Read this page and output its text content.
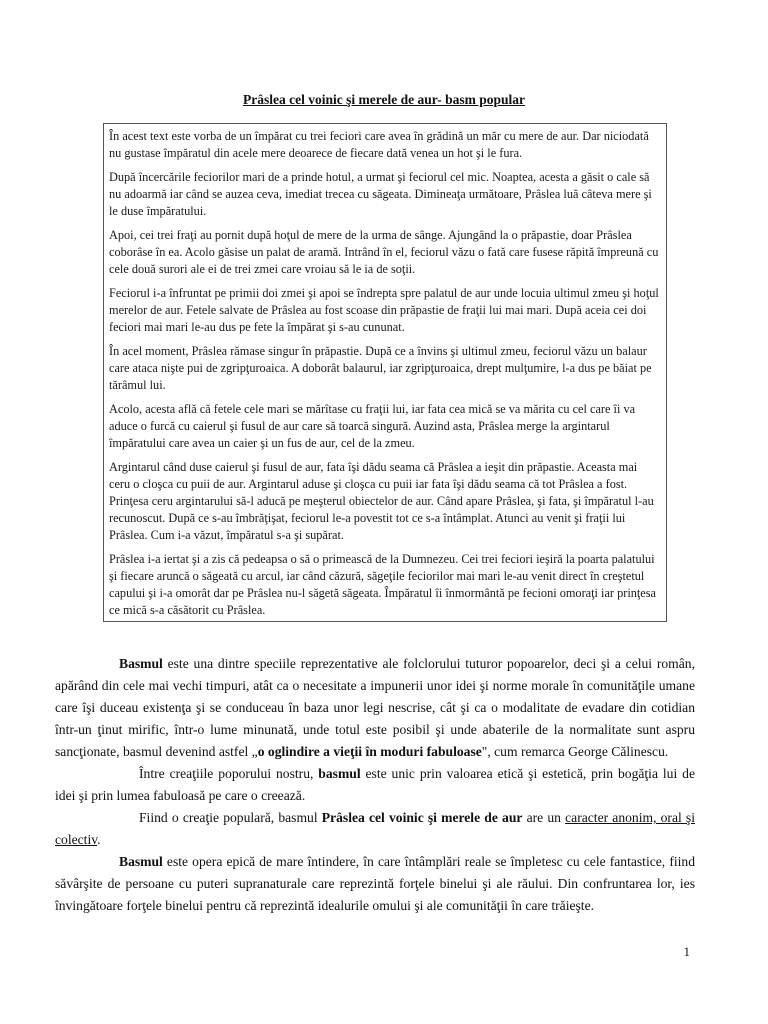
Prâslea cel voinic şi merele de aur- basm popular

În acest text este vorba de un împărat cu trei feciori care avea în grădină un măr cu mere de aur. Dar niciodată nu gustase împăratul din acele mere deoarece de fiecare dată venea un hot şi le fura.

După încercările feciorilor mari de a prinde hotul, a urmat şi feciorul cel mic. Noaptea, acesta a găsit o cale să nu adoarmă iar când se auzea ceva, imediat trecea cu săgeata. Dimineaţa următoare, Prâslea luă câteva mere şi le duse împăratului.

Apoi, cei trei fraţi au pornit după hoţul de mere de la urma de sânge. Ajungând la o prăpastie, doar Prâslea coborâse în ea. Acolo găsise un palat de aramă. Intrând în el, feciorul văzu o fată care fusese răpită împreună cu cele două surori ale ei de trei zmei care vroiau să le ia de soţii.

Feciorul i-a înfruntat pe primii doi zmei şi apoi se îndrepta spre palatul de aur unde locuia ultimul zmeu şi hoţul merelor de aur. Fetele salvate de Prâslea au fost scoase din prăpastie de fraţii lui mai mari. După aceia cei doi feciori mai mari le-au dus pe fete la împărat şi s-au cununat.

În acel moment, Prâslea rămase singur în prăpastie. După ce a învins şi ultimul zmeu, feciorul văzu un balaur care ataca nişte pui de zgripţuroaica. A doborât balaurul, iar zgripţuroaica, drept mulţumire, l-a dus pe băiat pe tărâmul lui.

Acolo, acesta află că fetele cele mari se mărîtase cu fraţii lui, iar fata cea mică se va mărita cu cel care îi va aduce o furcă cu caierul şi fusul de aur care să toarcă singură. Auzind asta, Prâslea merge la argintarul împăratului care avea un caier şi un fus de aur, cel de la zmeu.

Argintarul când duse caierul şi fusul de aur, fata îşi dădu seama că Prâslea a ieşit din prăpastie. Aceasta mai ceru o cloşca cu puii de aur. Argintarul aduse şi cloşca cu puii iar fata îşi dădu seama că tot Prâslea a fost. Prinţesa ceru argintarului să-l aducă pe meşterul obiectelor de aur. Când apare Prâslea, şi fata, şi împăratul l-au recunoscut. După ce s-au îmbrăţişat, feciorul le-a povestit tot ce s-a întâmplat. Atunci au venit şi fraţii lui Prâslea. Cum i-a văzut, împăratul s-a şi supărat.

Prâslea i-a iertat şi a zis că pedeapsa o să o primească de la Dumnezeu. Cei trei feciori ieşiră la poarta palatului şi fiecare aruncă o săgeată cu arcul, iar când căzură, săgeţile feciorilor mai mari le-au venit direct în creştetul capului şi i-a omorât dar pe Prâslea nu-l săgetă săgeata. Împăratul îi înmormântă pe fecioni omoraţi iar prinţesa ce mică s-a căsătorit cu Prâslea.

Basmul este una dintre speciile reprezentative ale folclorului tuturor popoarelor, deci şi a celui român, apărând din cele mai vechi timpuri, atât ca o necesitate a impunerii unor idei şi norme morale în comunităţile umane care îşi duceau existenţa şi se conduceau în baza unor legi nescrise, cât şi ca o modalitate de evadare din cotidian într-un ţinut mirific, într-o lume minunată, unde totul este posibil şi unde abaterile de la normalitate sunt aspru sancţionate, basmul devenind astfel „o oglindire a vieţii în moduri fabuloase", cum remarca George Călinescu.

Între creaţiile poporului nostru, basmul este unic prin valoarea etică şi estetică, prin bogăţia lui de idei şi prin lumea fabuloasă pe care o creează.

Fiind o creaţie populară, basmul Prâslea cel voinic şi merele de aur are un caracter anonim, oral şi colectiv.

Basmul este opera epică de mare întindere, în care întâmplări reale se împletesc cu cele fantastice, fiind săvârşite de persoane cu puteri supranaturale care reprezintă forţele binelui şi ale răului. Din confruntarea lor, ies învingătoare forţele binelui pentru că reprezintă idealurile omului şi ale comunităţii în care trăieşte.

1
